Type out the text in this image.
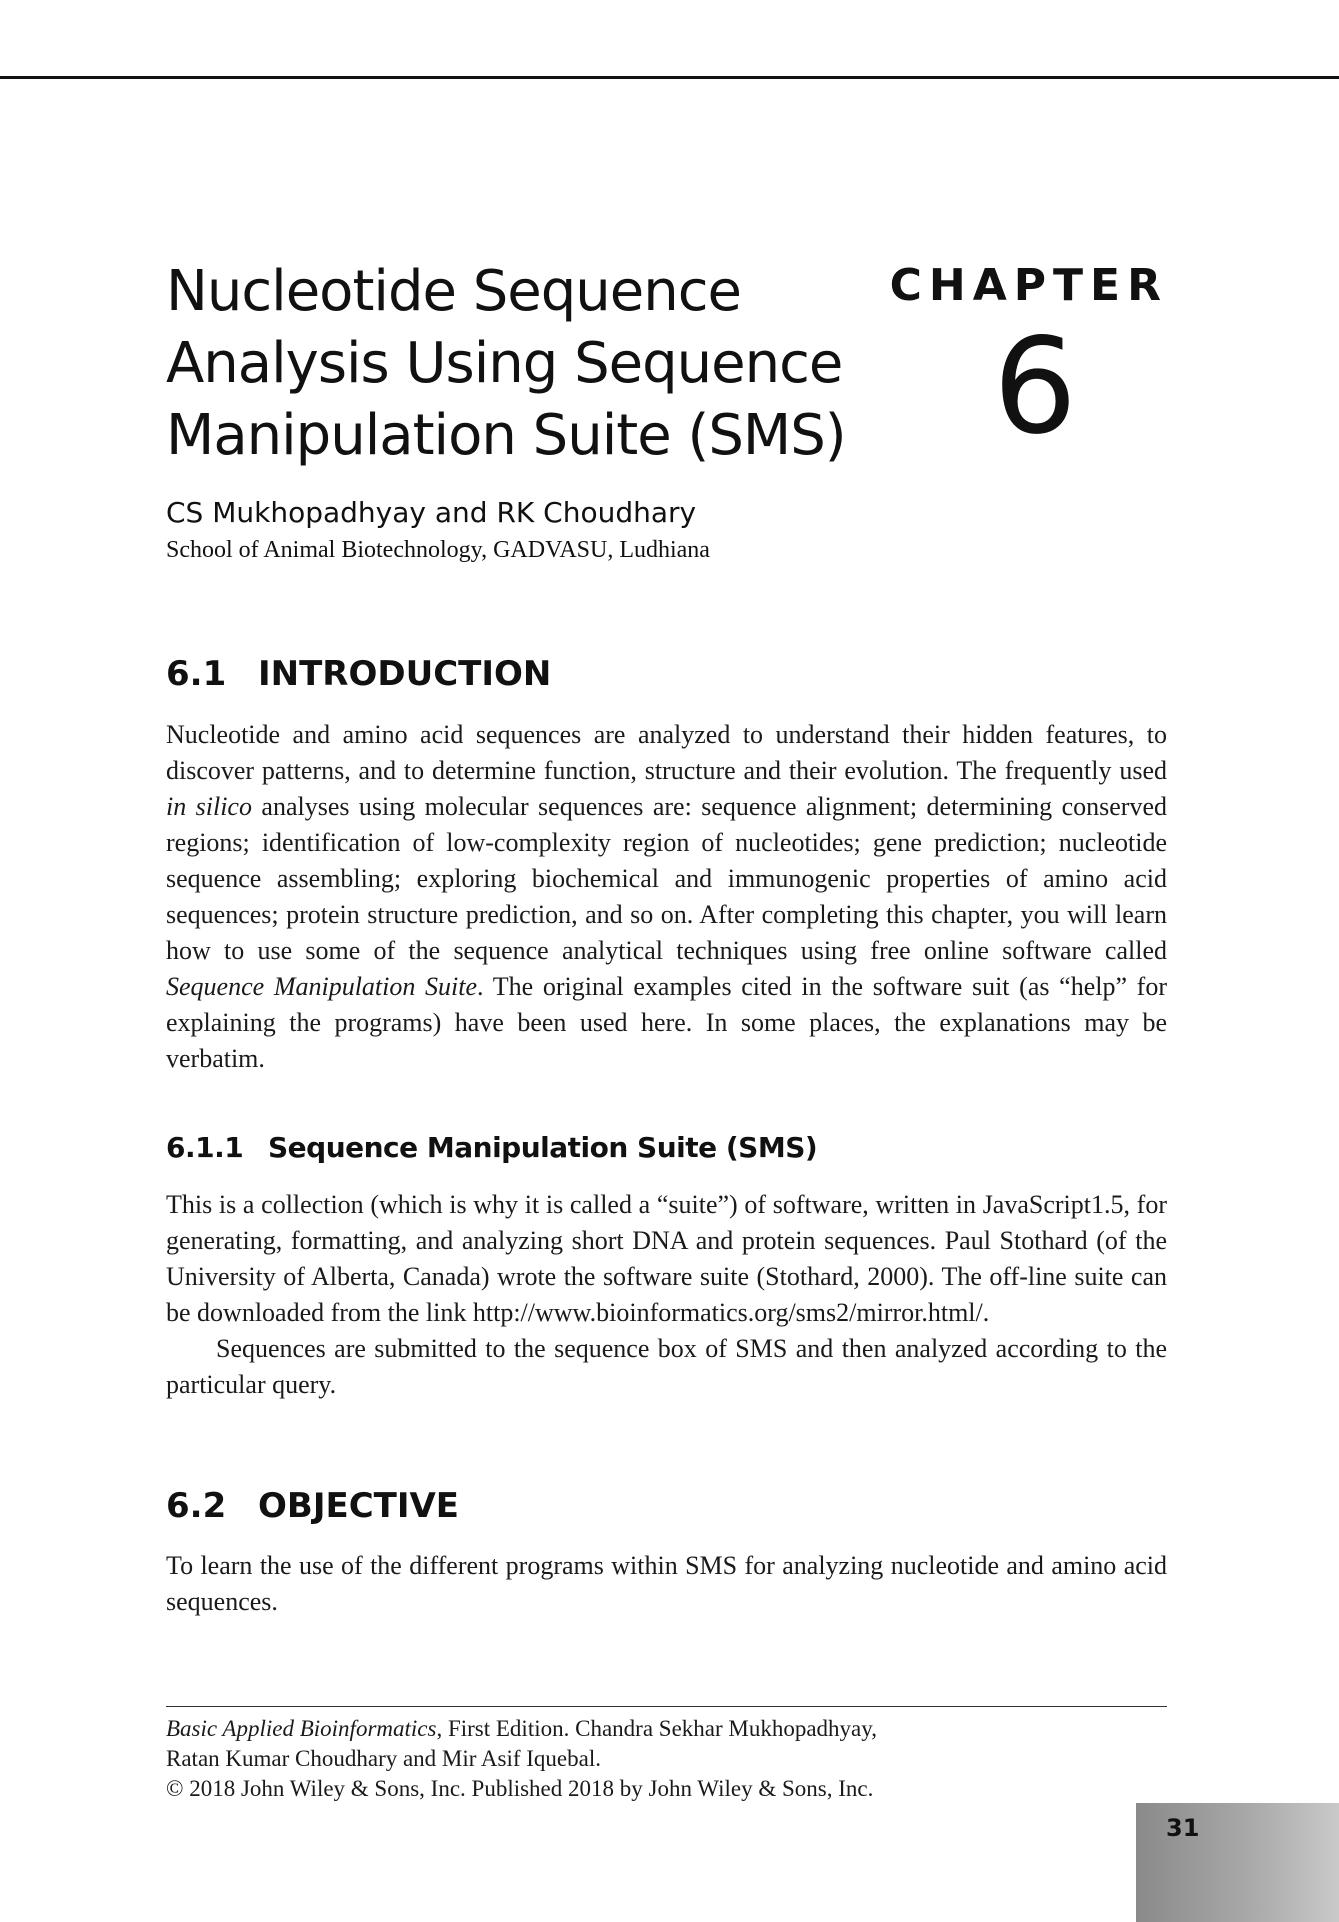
Nucleotide Sequence
Analysis Using Sequence
Manipulation Suite (SMS)
CHAPTER
6
CS Mukhopadhyay and RK Choudhary
School of Animal Biotechnology, GADVASU, Ludhiana
6.1 INTRODUCTION

Nucleotide and amino acid sequences are analyzed to understand their hidden features, to discover patterns, and to determine function, structure and their evolution. The frequently used in silico analyses using molecular sequences are: sequence alignment; determining conserved regions; identification of low-complexity region of nucleotides; gene prediction; nucleotide sequence assembling; exploring biochemical and immunogenic properties of amino acid sequences; protein structure prediction, and so on. After completing this chapter, you will learn how to use some of the sequence analytical techniques using free online software called Sequence Manipulation Suite. The original examples cited in the software suit (as “help” for explaining the programs) have been used here. In some places, the explanations may be verbatim.

6.1.1 Sequence Manipulation Suite (SMS)

This is a collection (which is why it is called a “suite”) of software, written in JavaScript1.5, for generating, formatting, and analyzing short DNA and protein sequences. Paul Stothard (of the University of Alberta, Canada) wrote the software suite (Stothard, 2000). The off-line suite can be downloaded from the link http://www.bioinformatics.org/sms2/mirror.html/.

Sequences are submitted to the sequence box of SMS and then analyzed according to the particular query.

6.2 OBJECTIVE

To learn the use of the different programs within SMS for analyzing nucleotide and amino acid sequences.

Basic Applied Bioinformatics, First Edition. Chandra Sekhar Mukhopadhyay,
Ratan Kumar Choudhary and Mir Asif Iquebal.
© 2018 John Wiley & Sons, Inc. Published 2018 by John Wiley & Sons, Inc.
31
